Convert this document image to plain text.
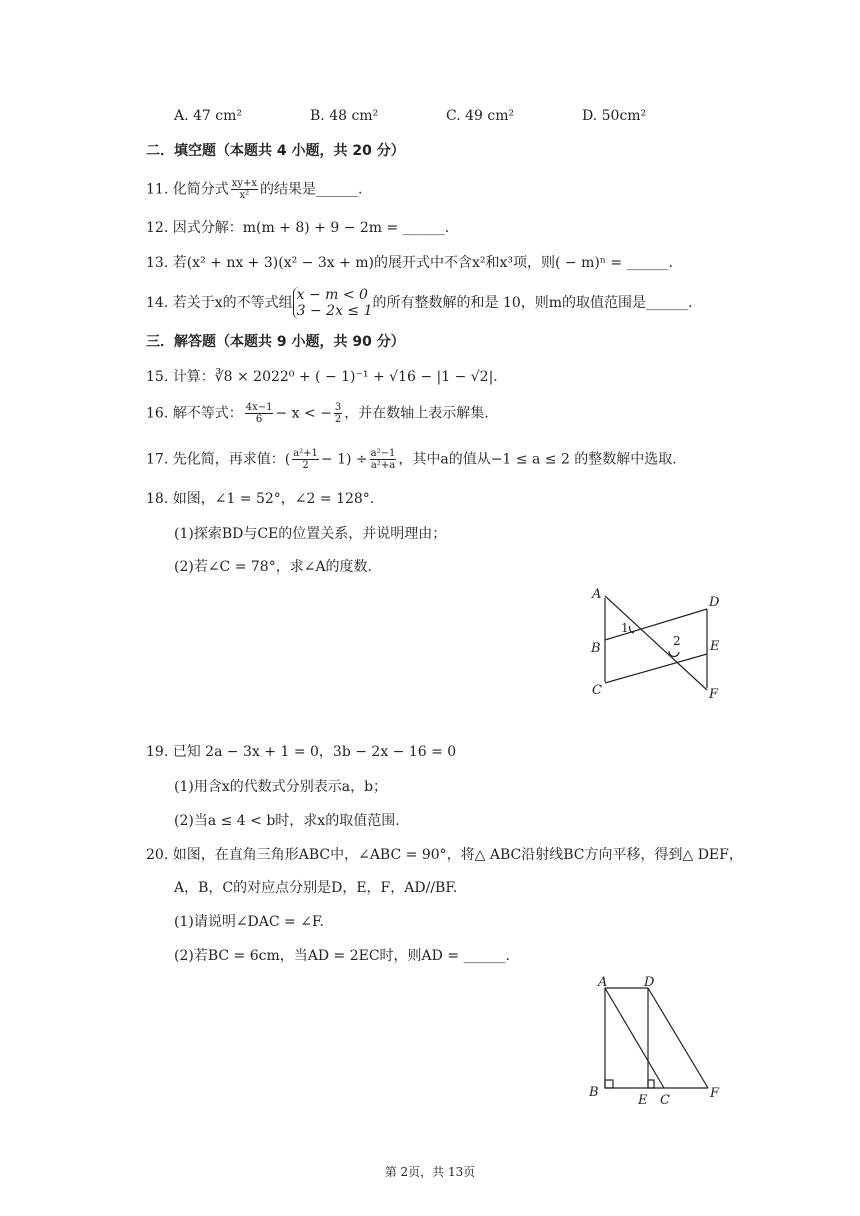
A. 47 cm²	B. 48 cm²	C. 49 cm²	D. 50cm²
二．填空题（本题共 4 小题，共 20 分）
11. 化简分式 $\frac{xy+x}{\text{x²}}$ 的结果是______.
12. 因式分解：m(m + 8) + 9 − 2m = ______.
13. 若(x² + nx + 3)(x² − 3x + m)的展开式中不含x²和x³项，则( − m)ⁿ = ______.
14. 若关于x的不等式组 x − m < 0
3 − 2x ≤ 1 的所有整数解的和是 10，则m的取值范围是______.
三．解答题（本题共 9 小题，共 90 分）
15. 计算：∛8 × 2022⁰ + ( − 1)⁻¹ + √16 − |1 − √2|.
16. 解不等式： $\frac{4x-1}{6} - x$ < − $\frac{3}{2}$ ，并在数轴上表示解集.
17. 先化简，再求值：( $\frac{\text{a²+1}}{2} - 1) \div \frac{\text{a²−1}}{\text{a²+a}}$ ，其中a的值从−1 ≤ a ≤ 2 的整数解中选取.
18. 如图，∠1 = 52°，∠2 = 128°.
(1)探索BD与CE的位置关系，并说明理由；
(2)若∠C = 78°，求∠A的度数.
A
B
C
D
E
F
1
2
19. 已知 2a − 3x + 1 = 0，3b − 2x − 16 = 0
(1)用含x的代数式分别表示a，b；
(2)当a ≤ 4 < b时，求x的取值范围.
20. 如图，在直角三角形ABC中，∠ABC = 90°，将△ ABC沿射线BC方向平移，得到△ DEF，
A，B，C的对应点分别是D，E，F，AD//BF.
(1)请说明∠DAC = ∠F.
(2)若BC = 6cm，当AD = 2EC时，则AD = ______.
A	D
B
E C	F
第 2页，共 13页
